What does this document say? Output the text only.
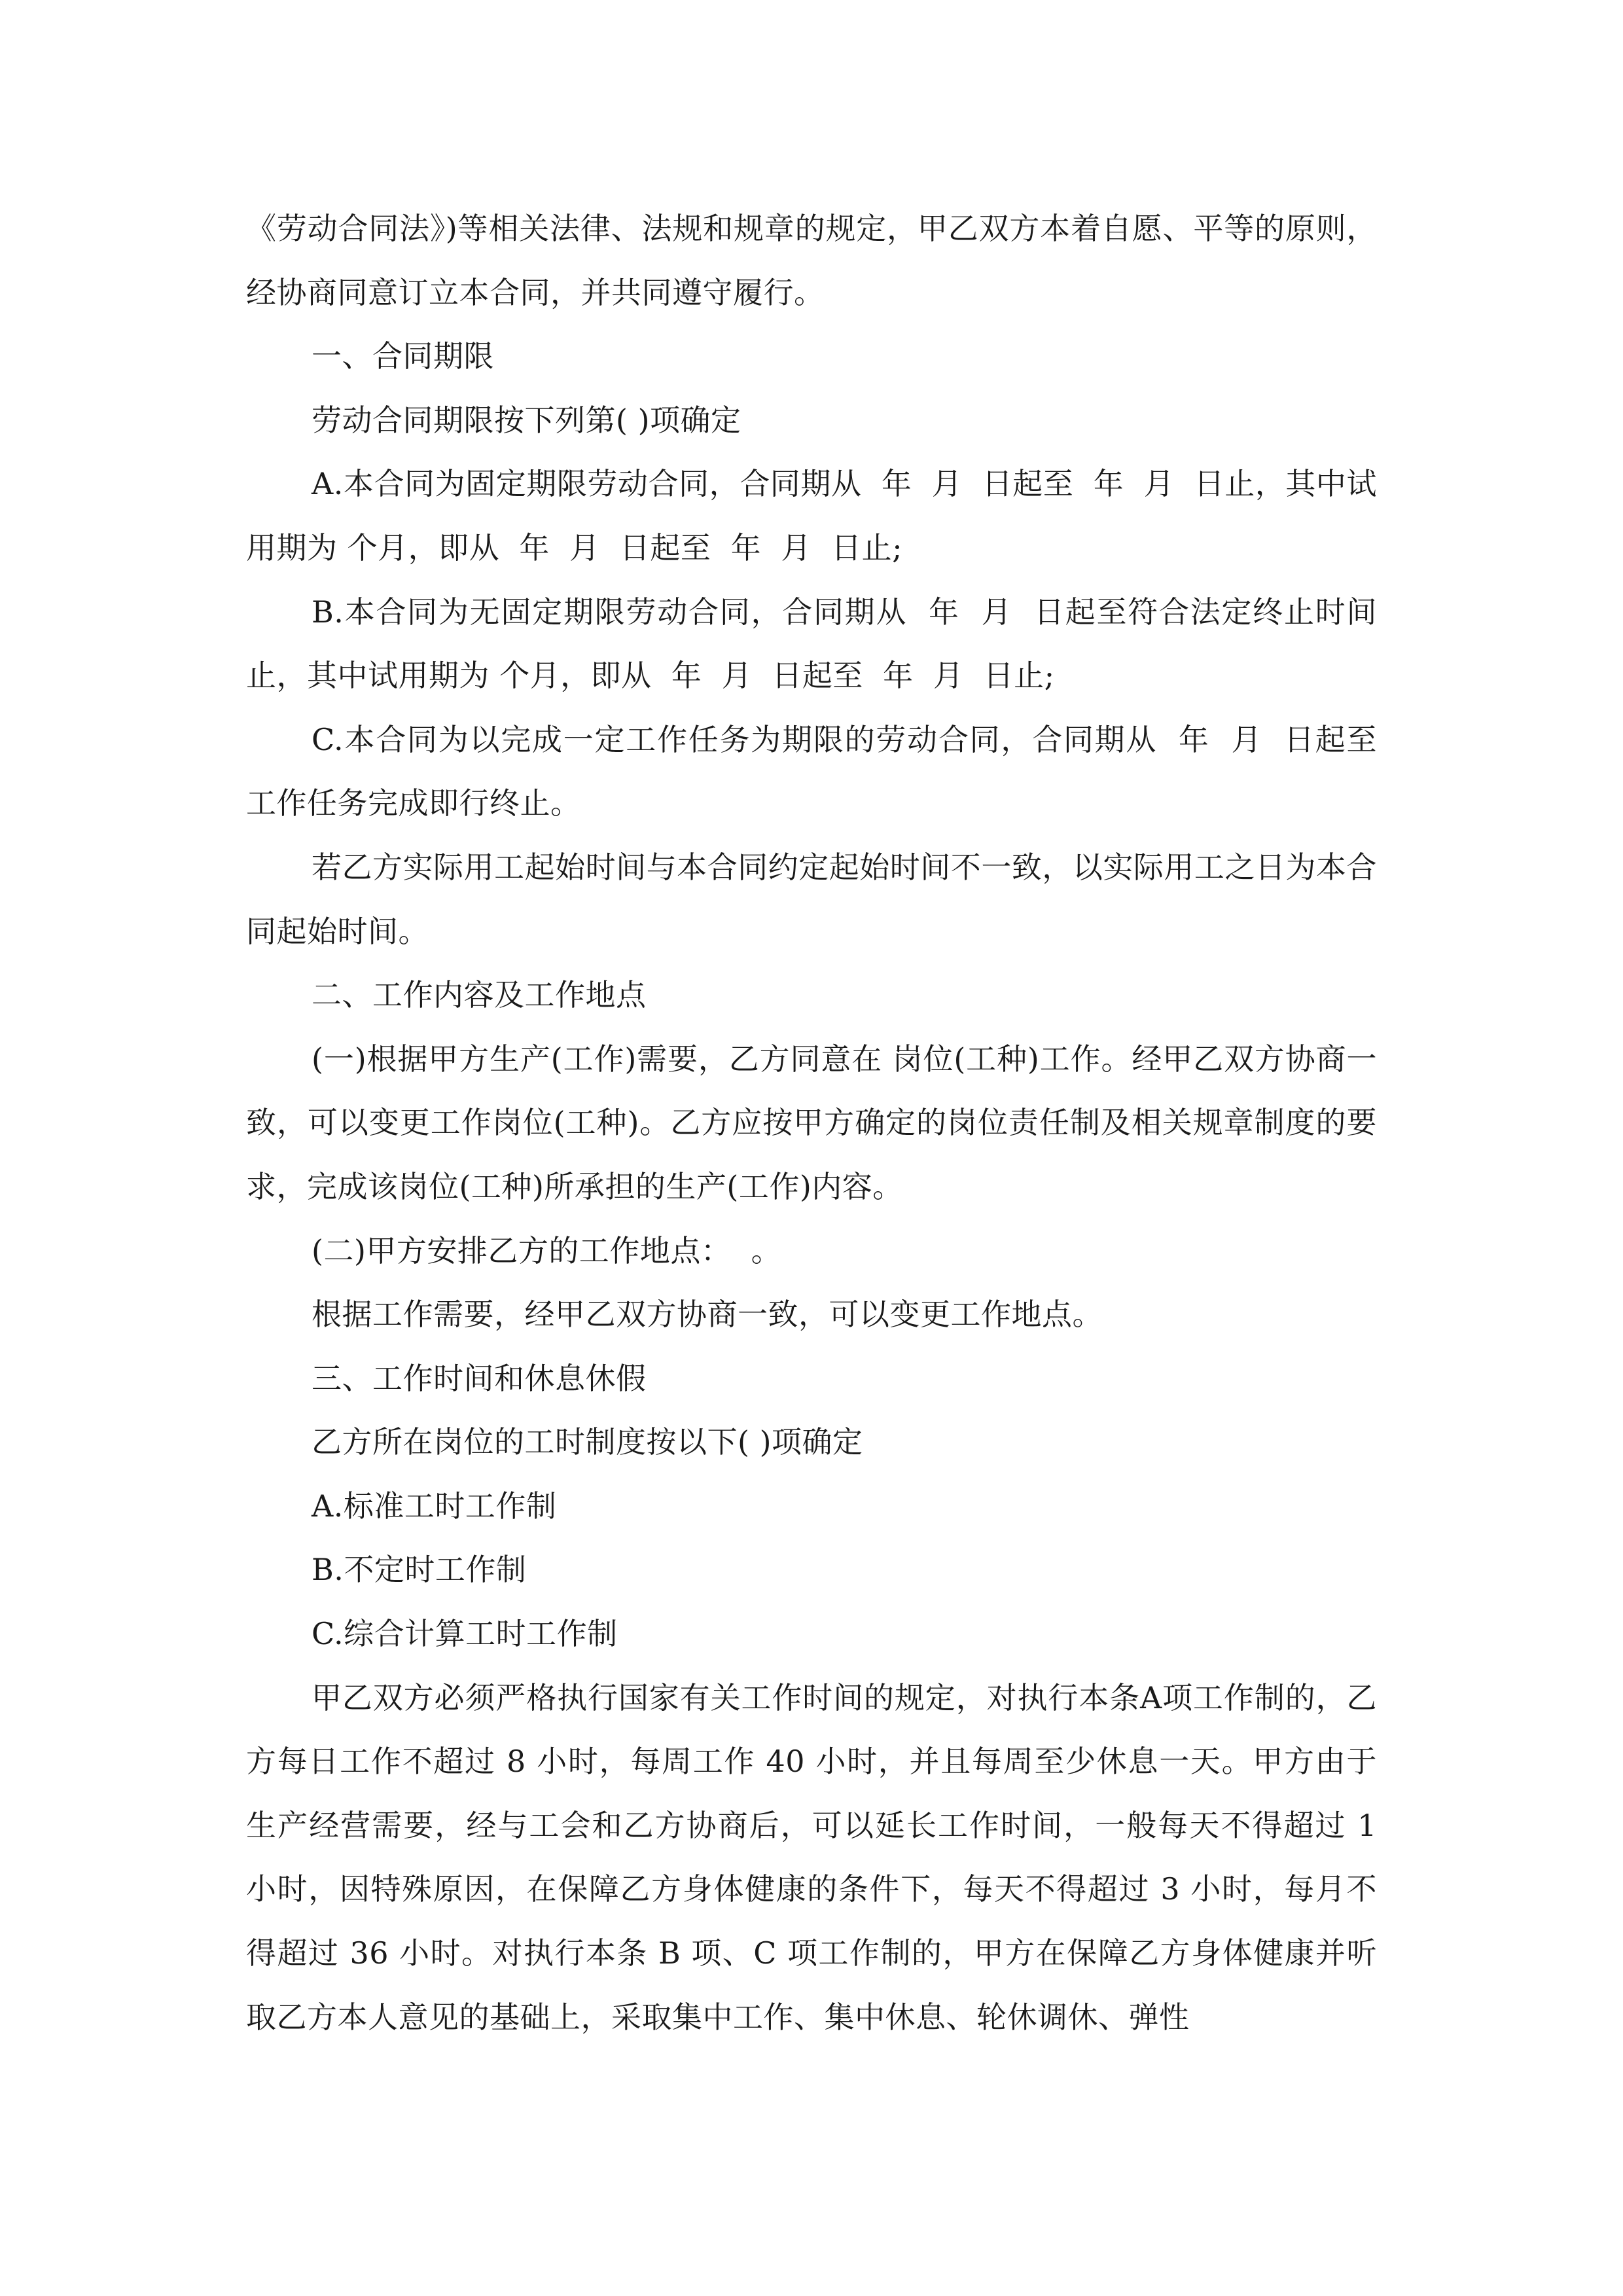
《劳动合同法》)等相关法律、法规和规章的规定，甲乙双方本着自愿、平等的原则，经协商同意订立本合同，并共同遵守履行。

一、合同期限

劳动合同期限按下列第( )项确定

A.本合同为固定期限劳动合同，合同期从  年  月  日起至  年  月  日止，其中试用期为 个月，即从  年  月  日起至  年  月  日止;

B.本合同为无固定期限劳动合同，合同期从  年  月  日起至符合法定终止时间止，其中试用期为 个月，即从  年  月  日起至  年  月  日止;

C.本合同为以完成一定工作任务为期限的劳动合同，合同期从  年  月  日起至  工作任务完成即行终止。

若乙方实际用工起始时间与本合同约定起始时间不一致，以实际用工之日为本合同起始时间。

二、工作内容及工作地点

(一)根据甲方生产(工作)需要，乙方同意在 岗位(工种)工作。经甲乙双方协商一致，可以变更工作岗位(工种)。乙方应按甲方确定的岗位责任制及相关规章制度的要求，完成该岗位(工种)所承担的生产(工作)内容。

(二)甲方安排乙方的工作地点：  。

根据工作需要，经甲乙双方协商一致，可以变更工作地点。

三、工作时间和休息休假

乙方所在岗位的工时制度按以下( )项确定

A.标准工时工作制

B.不定时工作制

C.综合计算工时工作制

甲乙双方必须严格执行国家有关工作时间的规定，对执行本条A项工作制的，乙方每日工作不超过 8 小时，每周工作 40 小时，并且每周至少休息一天。甲方由于生产经营需要，经与工会和乙方协商后，可以延长工作时间，一般每天不得超过 1 小时，因特殊原因，在保障乙方身体健康的条件下，每天不得超过 3 小时，每月不得超过 36 小时。对执行本条 B 项、C 项工作制的，甲方在保障乙方身体健康并听取乙方本人意见的基础上，采取集中工作、集中休息、轮休调休、弹性
